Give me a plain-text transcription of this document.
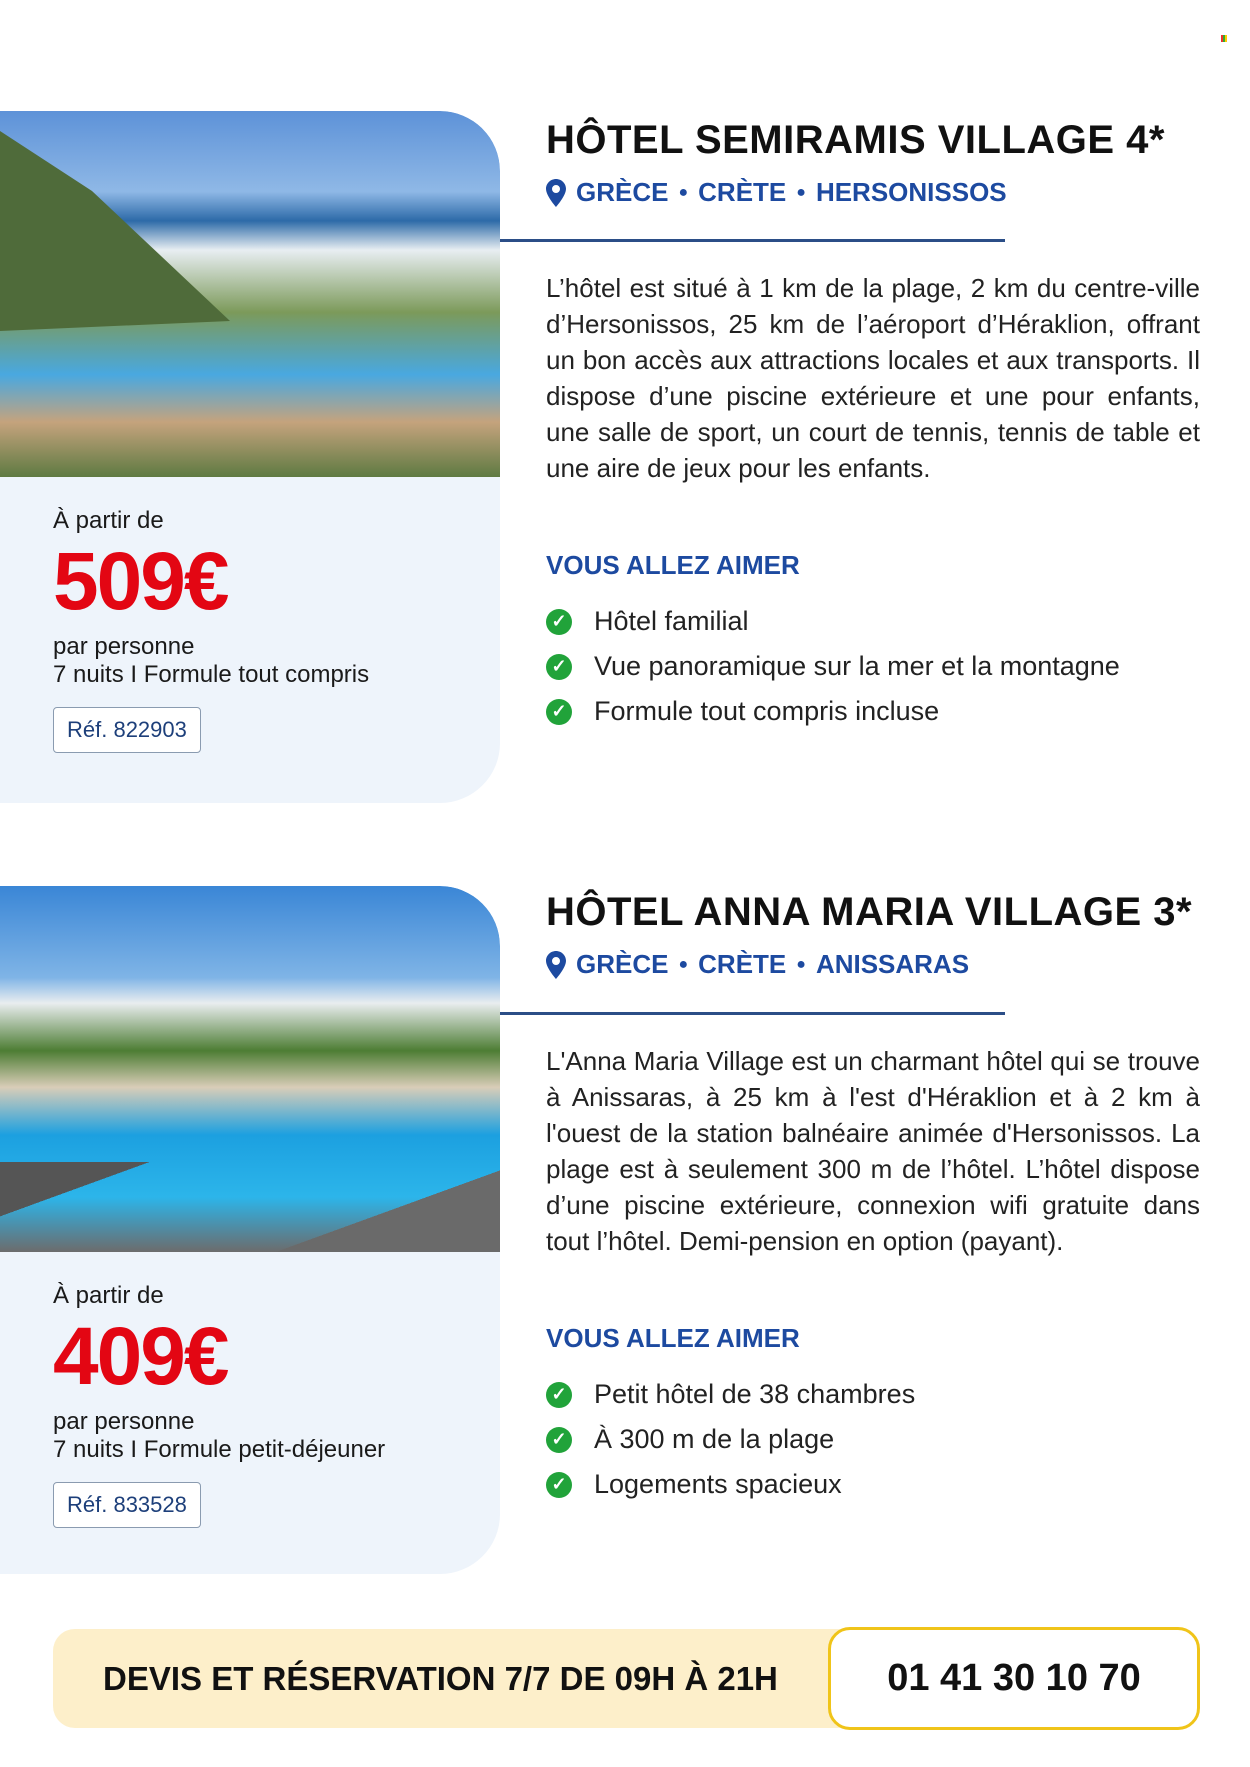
À partir de
509€
par personne
7 nuits I Formule tout compris
Réf. 822903
HÔTEL SEMIRAMIS VILLAGE 4*
GRÈCE ● CRÈTE ● HERSONISSOS

L’hôtel est situé à 1 km de la plage, 2 km du centre-ville d’Hersonissos, 25 km de l’aéroport d’Héraklion, offrant un bon accès aux attractions locales et aux transports. Il dispose d’une piscine extérieure et une pour enfants, une salle de sport, un court de tennis, tennis de table et une aire de jeux pour les enfants.

VOUS ALLEZ AIMER
✓ Hôtel familial
✓ Vue panoramique sur la mer et la montagne
✓ Formule tout compris incluse
À partir de
409€
par personne
7 nuits I Formule petit-déjeuner
Réf. 833528
HÔTEL ANNA MARIA VILLAGE 3*
GRÈCE ● CRÈTE ● ANISSARAS

L'Anna Maria Village est un charmant hôtel qui se trouve à Anissaras, à 25 km à l'est d'Héraklion et à 2 km à l'ouest de la station balnéaire animée d'Hersonissos. La plage est à seulement 300 m de l’hôtel. L’hôtel dispose d’une piscine extérieure, connexion wifi gratuite dans tout l’hôtel. Demi-pension en option (payant).

VOUS ALLEZ AIMER
✓ Petit hôtel de 38 chambres
✓ À 300 m de la plage
✓ Logements spacieux
DEVIS ET RÉSERVATION 7/7 DE 09H À 21H	01 41 30 10 70
